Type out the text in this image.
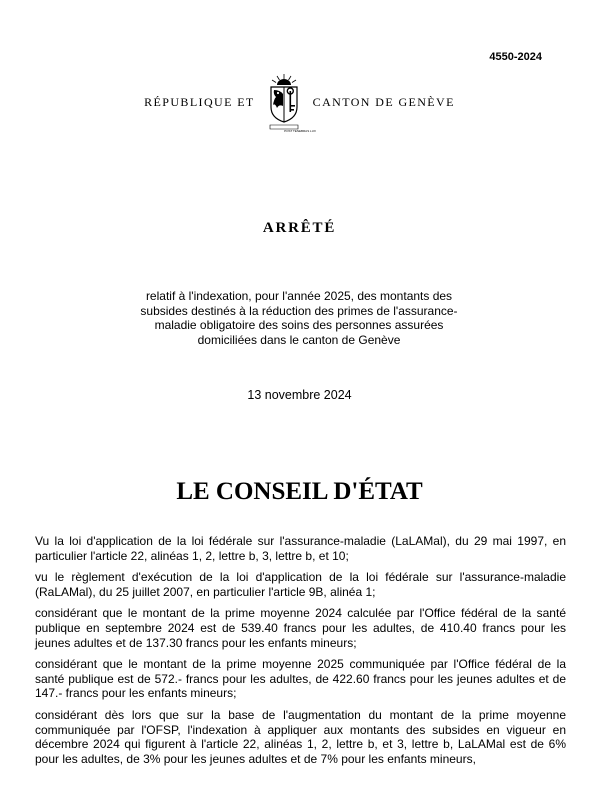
4550-2024
RÉPUBLIQUE ET	CANTON DE GENÈVE
POST TENEBRAS LUX
ARRÊTÉ
relatif à l'indexation, pour l'année 2025, des montants des subsides destinés à la réduction des primes de l'assurance-maladie obligatoire des soins des personnes assurées domiciliées dans le canton de Genève
13 novembre 2024
LE CONSEIL D'ÉTAT

Vu la loi d'application de la loi fédérale sur l'assurance-maladie (LaLAMal), du 29 mai 1997, en particulier l'article 22, alinéas 1, 2, lettre b, 3, lettre b, et 10;

vu le règlement d'exécution de la loi d'application de la loi fédérale sur l'assurance-maladie (RaLAMal), du 25 juillet 2007, en particulier l'article 9B, alinéa 1;

considérant que le montant de la prime moyenne 2024 calculée par l'Office fédéral de la santé publique en septembre 2024 est de 539.40 francs pour les adultes, de 410.40 francs pour les jeunes adultes et de 137.30 francs pour les enfants mineurs;

considérant que le montant de la prime moyenne 2025 communiquée par l'Office fédéral de la santé publique est de 572.- francs pour les adultes, de 422.60 francs pour les jeunes adultes et de 147.- francs pour les enfants mineurs;

considérant dès lors que sur la base de l'augmentation du montant de la prime moyenne communiquée par l'OFSP, l'indexation à appliquer aux montants des subsides en vigueur en décembre 2024 qui figurent à l'article 22, alinéas 1, 2, lettre b, et 3, lettre b, LaLAMal est de 6% pour les adultes, de 3% pour les jeunes adultes et de 7% pour les enfants mineurs,
